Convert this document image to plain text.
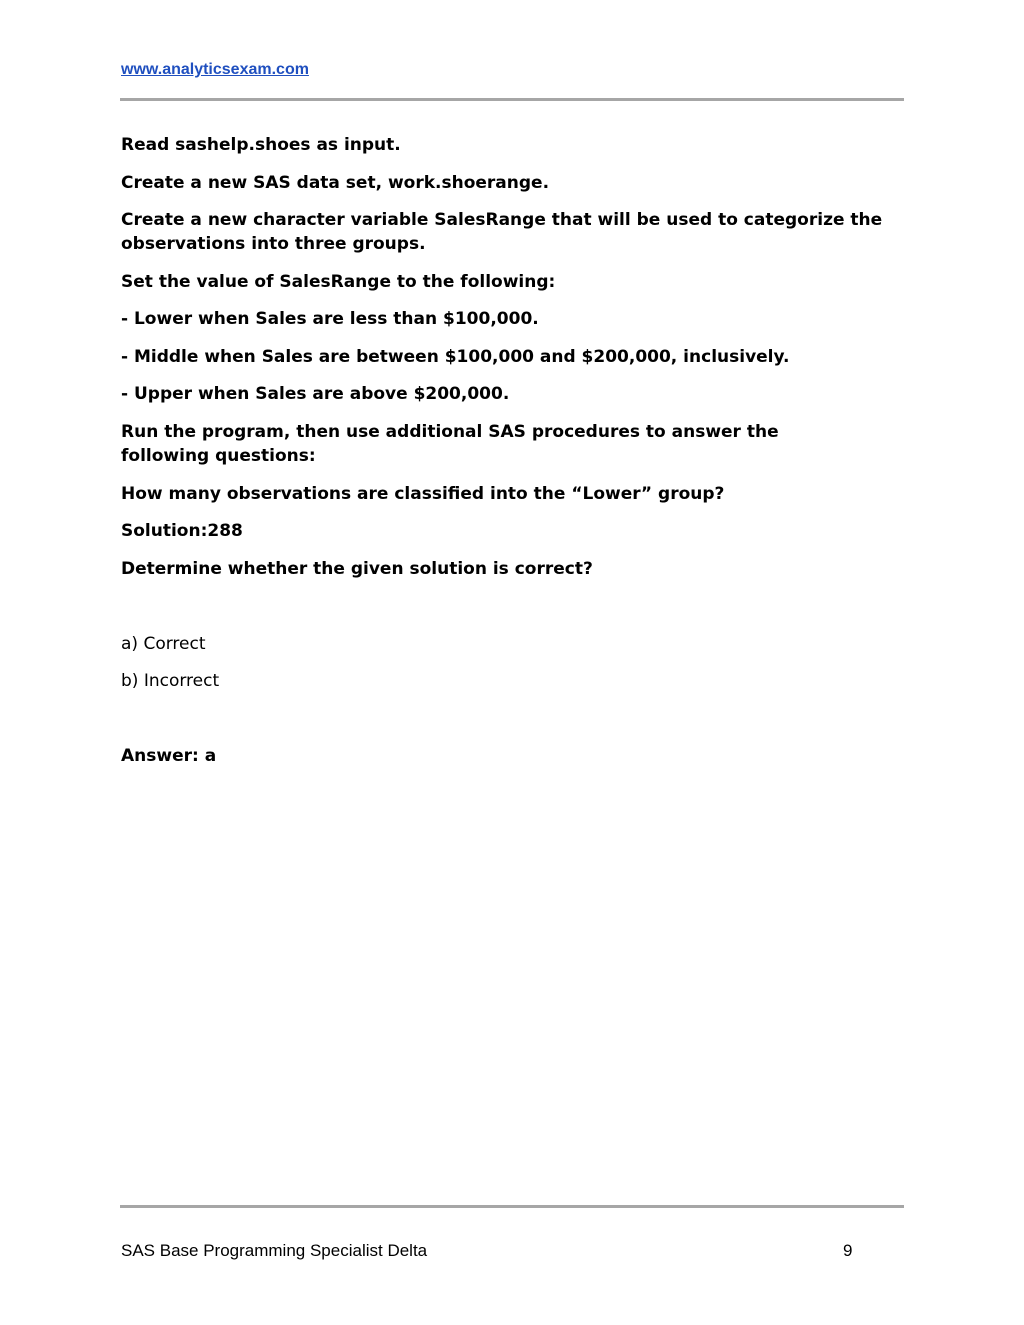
www.analyticsexam.com

Read sashelp.shoes as input.

Create a new SAS data set, work.shoerange.

Create a new character variable SalesRange that will be used to categorize the observations into three groups.

Set the value of SalesRange to the following:

- Lower when Sales are less than $100,000.

- Middle when Sales are between $100,000 and $200,000, inclusively.

- Upper when Sales are above $200,000.

Run the program, then use additional SAS procedures to answer the following questions:

How many observations are classified into the “Lower” group?

Solution:288

Determine whether the given solution is correct?

a) Correct

b) Incorrect

Answer: a

SAS Base Programming Specialist Delta	9
